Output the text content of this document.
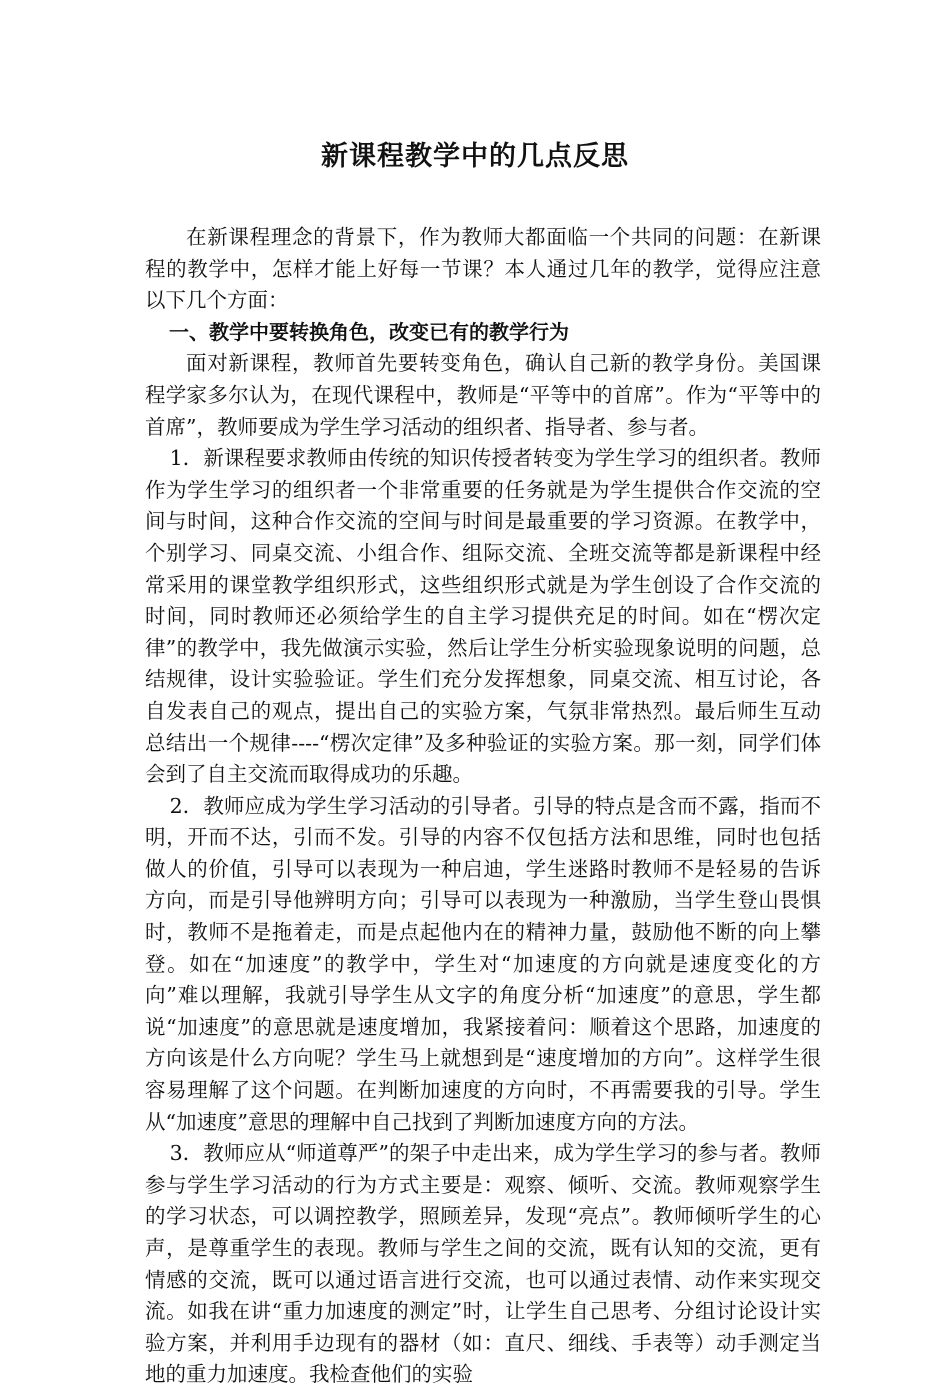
新课程教学中的几点反思

在新课程理念的背景下，作为教师大都面临一个共同的问题：在新课程的教学中，怎样才能上好每一节课？本人通过几年的教学，觉得应注意以下几个方面：

一、教学中要转换角色，改变已有的教学行为

面对新课程，教师首先要转变角色，确认自己新的教学身份。美国课程学家多尔认为，在现代课程中，教师是“平等中的首席”。作为“平等中的首席”，教师要成为学生学习活动的组织者、指导者、参与者。

1．新课程要求教师由传统的知识传授者转变为学生学习的组织者。教师作为学生学习的组织者一个非常重要的任务就是为学生提供合作交流的空间与时间，这种合作交流的空间与时间是最重要的学习资源。在教学中，个别学习、同桌交流、小组合作、组际交流、全班交流等都是新课程中经常采用的课堂教学组织形式，这些组织形式就是为学生创设了合作交流的时间，同时教师还必须给学生的自主学习提供充足的时间。如在“楞次定律”的教学中，我先做演示实验，然后让学生分析实验现象说明的问题，总结规律，设计实验验证。学生们充分发挥想象，同桌交流、相互讨论，各自发表自己的观点，提出自己的实验方案，气氛非常热烈。最后师生互动总结出一个规律----“楞次定律”及多种验证的实验方案。那一刻，同学们体会到了自主交流而取得成功的乐趣。

2．教师应成为学生学习活动的引导者。引导的特点是含而不露，指而不明，开而不达，引而不发。引导的内容不仅包括方法和思维，同时也包括做人的价值，引导可以表现为一种启迪，学生迷路时教师不是轻易的告诉方向，而是引导他辨明方向；引导可以表现为一种激励，当学生登山畏惧时，教师不是拖着走，而是点起他内在的精神力量，鼓励他不断的向上攀登。如在“加速度”的教学中，学生对“加速度的方向就是速度变化的方向”难以理解，我就引导学生从文字的角度分析“加速度”的意思，学生都说“加速度”的意思就是速度增加，我紧接着问：顺着这个思路，加速度的方向该是什么方向呢？学生马上就想到是“速度增加的方向”。这样学生很容易理解了这个问题。在判断加速度的方向时，不再需要我的引导。学生从“加速度”意思的理解中自己找到了判断加速度方向的方法。

3．教师应从“师道尊严”的架子中走出来，成为学生学习的参与者。教师参与学生学习活动的行为方式主要是：观察、倾听、交流。教师观察学生的学习状态，可以调控教学，照顾差异，发现“亮点”。教师倾听学生的心声，是尊重学生的表现。教师与学生之间的交流，既有认知的交流，更有情感的交流，既可以通过语言进行交流，也可以通过表情、动作来实现交流。如我在讲“重力加速度的测定”时，让学生自己思考、分组讨论设计实验方案，并利用手边现有的器材（如：直尺、细线、手表等）动手测定当地的重力加速度。我检查他们的实验
